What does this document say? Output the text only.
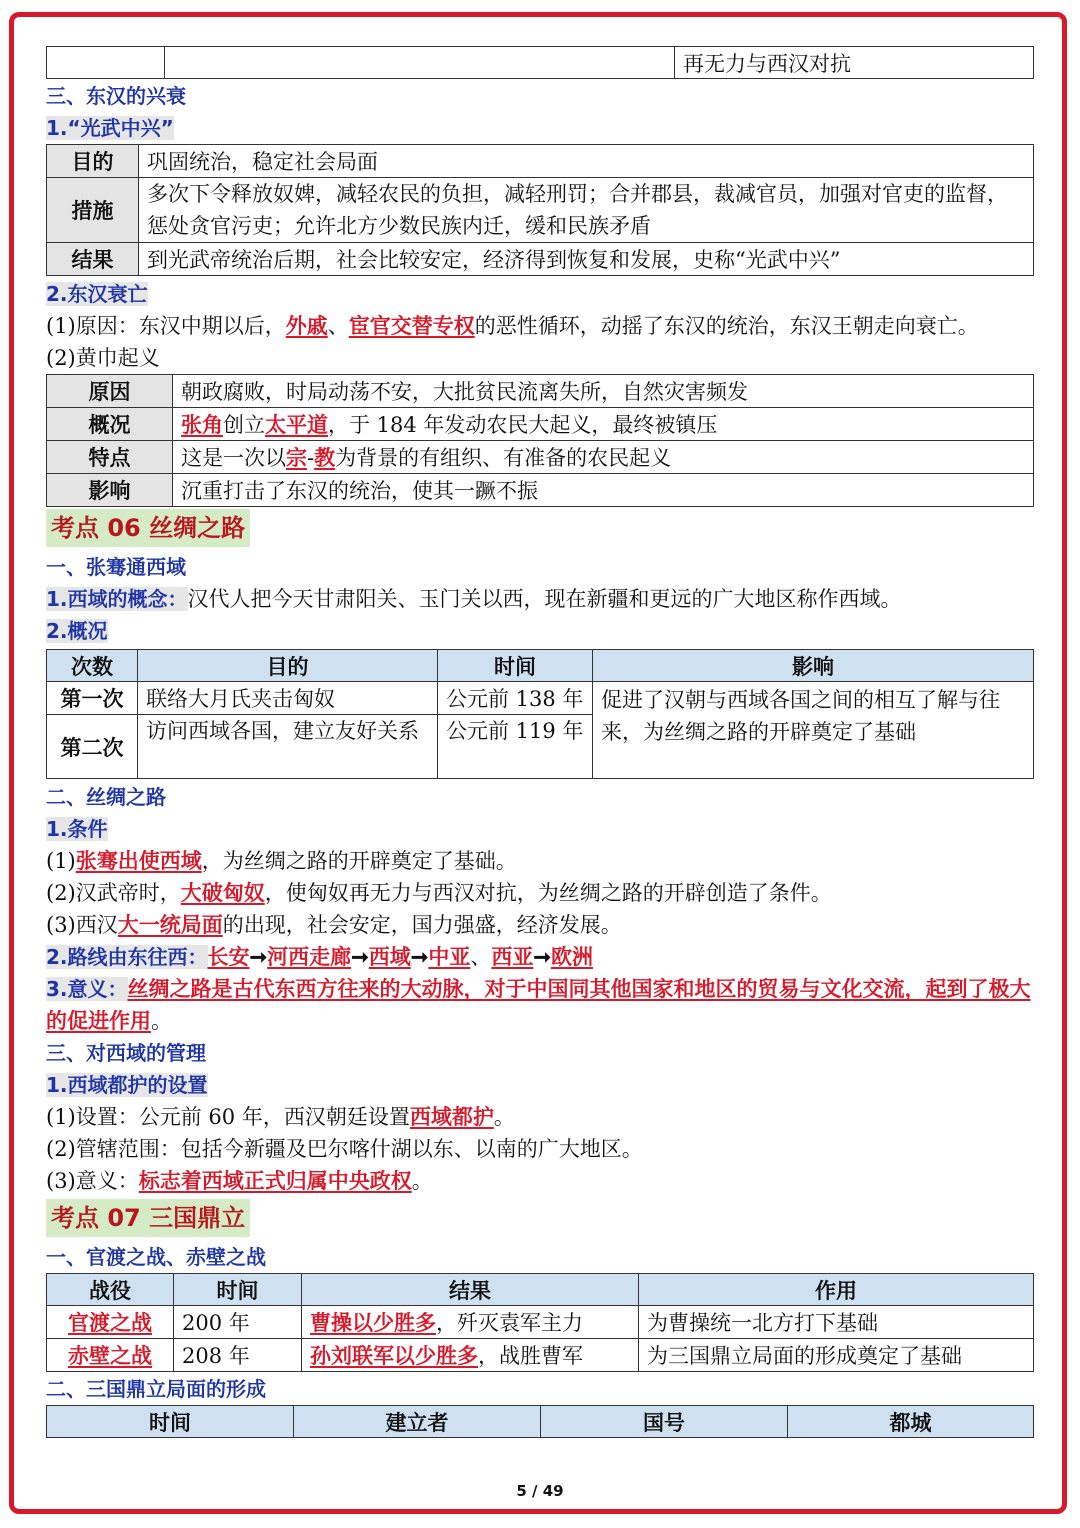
		再无力与西汉对抗
三、东汉的兴衰
1.“光武中兴”
目的	巩固统治，稳定社会局面
措施	多次下令释放奴婢，减轻农民的负担，减轻刑罚；合并郡县，裁减官员，加强对官吏的监督，惩处贪官污吏；允许北方少数民族内迁，缓和民族矛盾
结果	到光武帝统治后期，社会比较安定，经济得到恢复和发展，史称“光武中兴”
2.东汉衰亡
(1)原因：东汉中期以后，外戚、宦官交替专权的恶性循环，动摇了东汉的统治，东汉王朝走向衰亡。
(2)黄巾起义
原因	朝政腐败，时局动荡不安，大批贫民流离失所，自然灾害频发
概况	张角创立太平道，于 184 年发动农民大起义，最终被镇压
特点	这是一次以宗-教为背景的有组织、有准备的农民起义
影响	沉重打击了东汉的统治，使其一蹶不振
考点 06 丝绸之路
一、张骞通西域
1.西域的概念：汉代人把今天甘肃阳关、玉门关以西，现在新疆和更远的广大地区称作西域。
2.概况
次数	目的	时间	影响
第一次	联络大月氏夹击匈奴	公元前 138 年	促进了汉朝与西域各国之间的相互了解与往来，为丝绸之路的开辟奠定了基础
第二次	访问西域各国，建立友好关系	公元前 119 年	
二、丝绸之路
1.条件
(1)张骞出使西域，为丝绸之路的开辟奠定了基础。
(2)汉武帝时，大破匈奴，使匈奴再无力与西汉对抗，为丝绸之路的开辟创造了条件。
(3)西汉大一统局面的出现，社会安定，国力强盛，经济发展。
2.路线由东往西：长安➞河西走廊➞西域➞中亚、西亚➞欧洲
3.意义：丝绸之路是古代东西方往来的大动脉，对于中国同其他国家和地区的贸易与文化交流，起到了极大的促进作用。
三、对西域的管理
1.西域都护的设置
(1)设置：公元前 60 年，西汉朝廷设置西域都护。
(2)管辖范围：包括今新疆及巴尔喀什湖以东、以南的广大地区。
(3)意义：标志着西域正式归属中央政权。
考点 07 三国鼎立
一、官渡之战、赤壁之战
战役	时间	结果	作用
官渡之战	200 年	曹操以少胜多，歼灭袁军主力	为曹操统一北方打下基础
赤壁之战	208 年	孙刘联军以少胜多，战胜曹军	为三国鼎立局面的形成奠定了基础
二、三国鼎立局面的形成
时间	建立者	国号	都城
5 / 49
